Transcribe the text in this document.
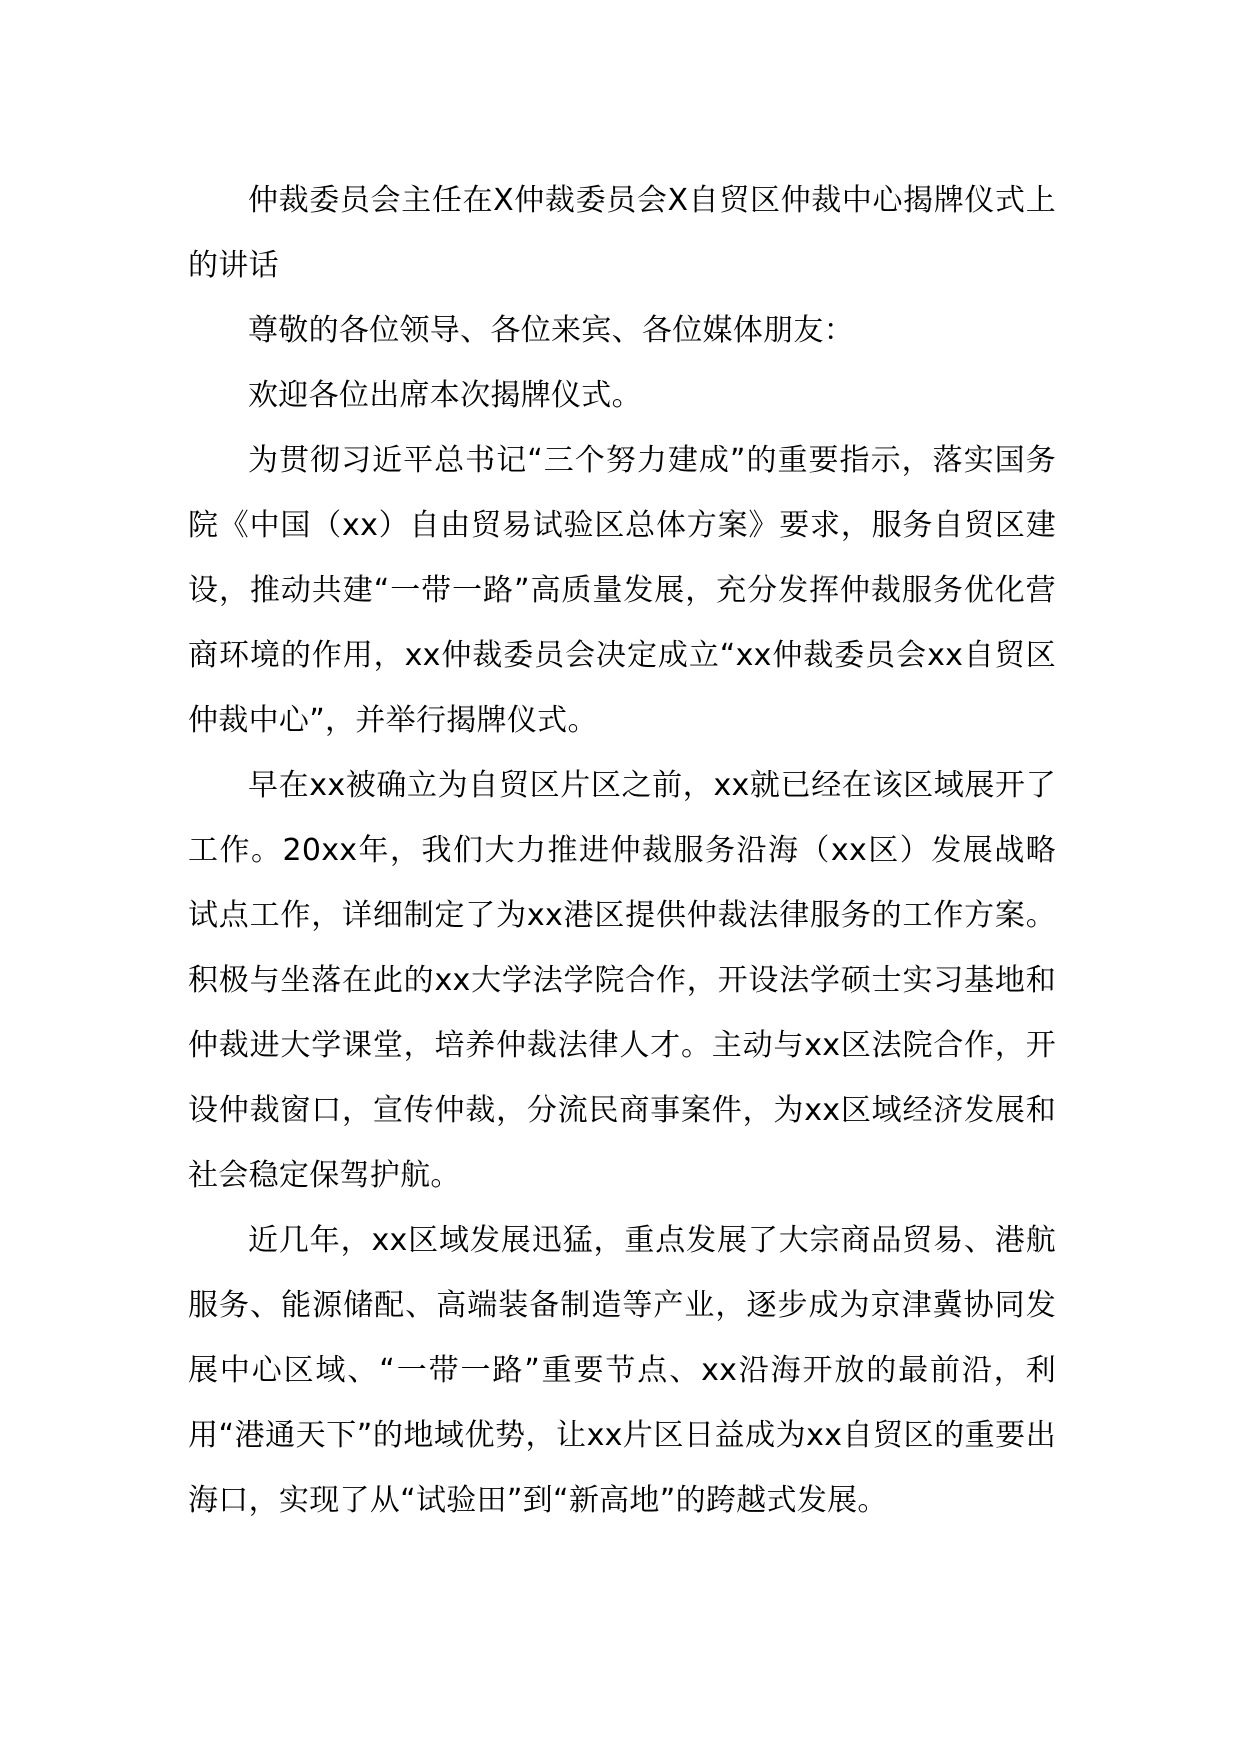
仲裁委员会主任在X仲裁委员会X自贸区仲裁中心揭牌仪式上的讲话

尊敬的各位领导、各位来宾、各位媒体朋友：

欢迎各位出席本次揭牌仪式。

为贯彻习近平总书记“三个努力建成”的重要指示，落实国务院《中国（xx）自由贸易试验区总体方案》要求，服务自贸区建设，推动共建“一带一路”高质量发展，充分发挥仲裁服务优化营商环境的作用，xx仲裁委员会决定成立“xx仲裁委员会xx自贸区仲裁中心”，并举行揭牌仪式。

早在xx被确立为自贸区片区之前，xx就已经在该区域展开了工作。20xx年，我们大力推进仲裁服务沿海（xx区）发展战略试点工作，详细制定了为xx港区提供仲裁法律服务的工作方案。积极与坐落在此的xx大学法学院合作，开设法学硕士实习基地和仲裁进大学课堂，培养仲裁法律人才。主动与xx区法院合作，开设仲裁窗口，宣传仲裁，分流民商事案件，为xx区域经济发展和社会稳定保驾护航。

近几年，xx区域发展迅猛，重点发展了大宗商品贸易、港航服务、能源储配、高端装备制造等产业，逐步成为京津冀协同发展中心区域、“一带一路”重要节点、xx沿海开放的最前沿，利用“港通天下”的地域优势，让xx片区日益成为xx自贸区的重要出海口，实现了从“试验田”到“新高地”的跨越式发展。
